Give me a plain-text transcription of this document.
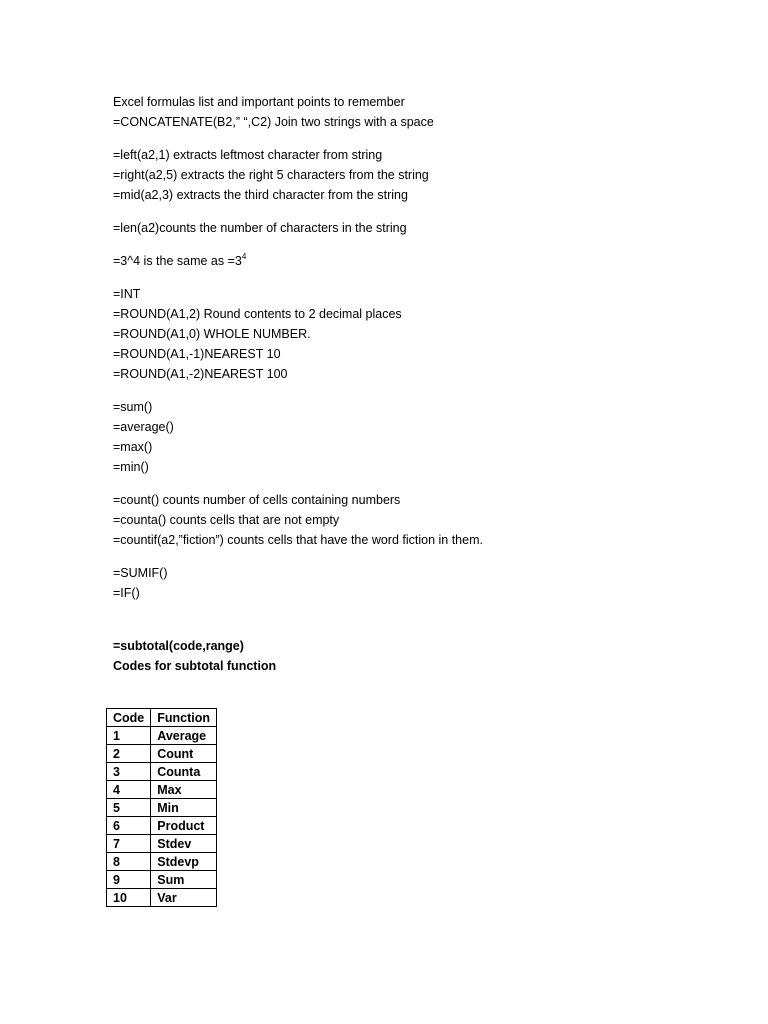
Excel formulas list and important points to remember
=CONCATENATE(B2,” “,C2) Join two strings with a space
=left(a2,1) extracts leftmost character from string
=right(a2,5) extracts the right 5 characters from the string
=mid(a2,3) extracts the third character from the string
=len(a2)counts the number of characters in the string
=3^4 is the same as $=3^4$
=INT
=ROUND(A1,2) Round contents to 2 decimal places
=ROUND(A1,0) WHOLE NUMBER.
=ROUND(A1,-1)NEAREST 10
=ROUND(A1,-2)NEAREST 100
=sum()
=average()
=max()
=min()
=count() counts number of cells containing numbers
=counta() counts cells that are not empty
=countif(a2,”fiction”) counts cells that have the word fiction in them.
=SUMIF()
=IF()
=subtotal(code,range)
Codes for subtotal function
Code	Function
1	Average
2	Count
3	Counta
4	Max
5	Min
6	Product
7	Stdev
8	Stdevp
9	Sum
10	Var
